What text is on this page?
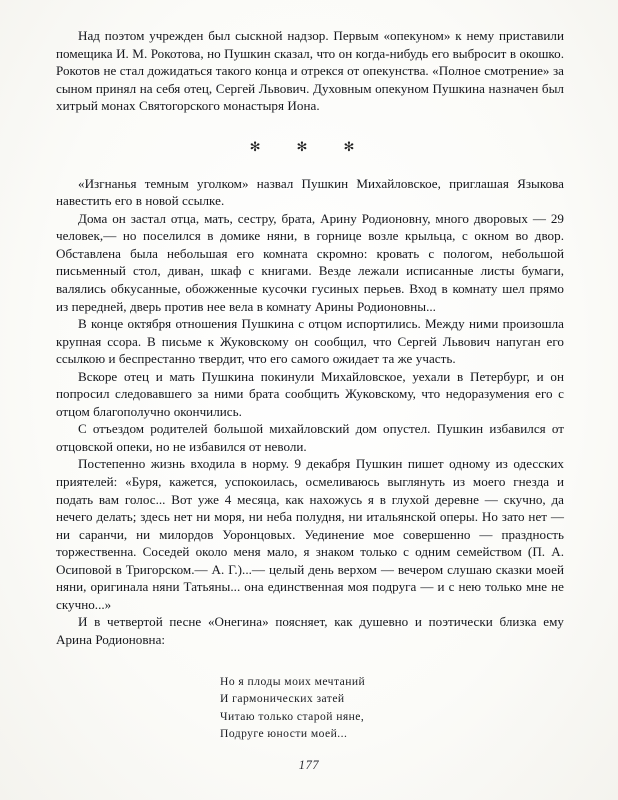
Над поэтом учрежден был сыскной надзор. Первым «опекуном» к нему приставили помещика И. М. Рокотова, но Пушкин сказал, что он когда-нибудь его выбросит в окошко. Рокотов не стал дожидаться такого конца и отрекся от опекунства. «Полное смотрение» за сыном принял на себя отец, Сергей Львович. Духовным опекуном Пушкина назначен был хитрый монах Святогорского монастыря Иона.

✻	✻	✻

«Изгнанья темным уголком» назвал Пушкин Михайловское, приглашая Языкова навестить его в новой ссылке.

Дома он застал отца, мать, сестру, брата, Арину Родионовну, много дворовых — 29 человек,— но поселился в домике няни, в горнице возле крыльца, с окном во двор. Обставлена была небольшая его комната скромно: кровать с пологом, небольшой письменный стол, диван, шкаф с книгами. Везде лежали исписанные листы бумаги, валялись обкусанные, обожженные кусочки гусиных перьев. Вход в комнату шел прямо из передней, дверь против нее вела в комнату Арины Родионовны...

В конце октября отношения Пушкина с отцом испортились. Между ними произошла крупная ссора. В письме к Жуковскому он сообщил, что Сергей Львович напуган его ссылкою и беспрестанно твердит, что его самого ожидает та же участь.

Вскоре отец и мать Пушкина покинули Михайловское, уехали в Петербург, и он попросил следовавшего за ними брата сообщить Жуковскому, что недоразумения его с отцом благополучно окончились.

С отъездом родителей большой михайловский дом опустел. Пушкин избавился от отцовской опеки, но не избавился от неволи.

Постепенно жизнь входила в норму. 9 декабря Пушкин пишет одному из одесских приятелей: «Буря, кажется, успокоилась, осмеливаюсь выглянуть из моего гнезда и подать вам голос... Вот уже 4 месяца, как нахожусь я в глухой деревне — скучно, да нечего делать; здесь нет ни моря, ни неба полудня, ни итальянской оперы. Но зато нет — ни саранчи, ни милордов Уоронцовых. Уединение мое совершенно — праздность торжественна. Соседей около меня мало, я знаком только с одним семейством (П. А. Осиповой в Тригорском.— А. Г.)...— целый день верхом — вечером слушаю сказки моей няни, оригинала няни Татьяны... она единственная моя подруга — и с нею только мне не скучно...»

И в четвертой песне «Онегина» поясняет, как душевно и поэтически близка ему Арина Родионовна:

Но я плоды моих мечтаний
И гармонических затей
Читаю только старой няне,
Подруге юности моей...
177
